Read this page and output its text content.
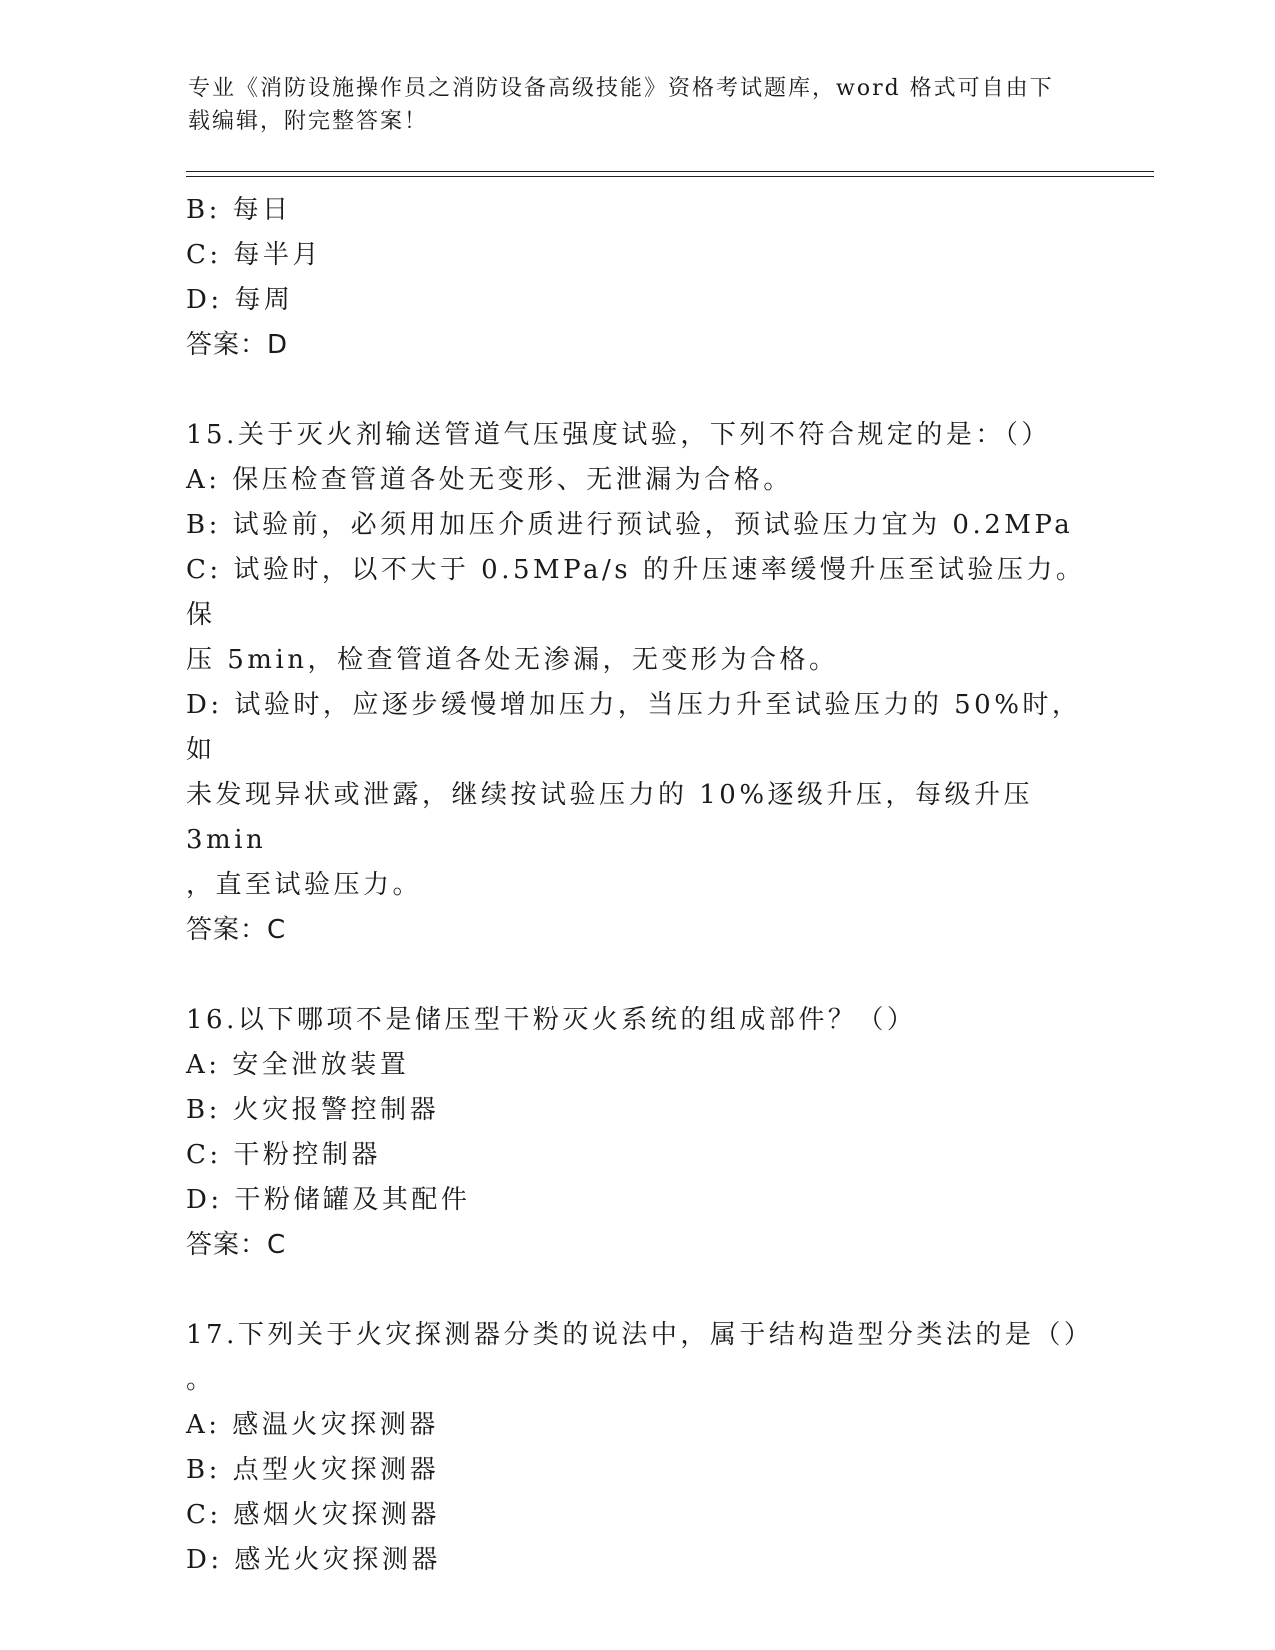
专业《消防设施操作员之消防设备高级技能》资格考试题库，word 格式可自由下
载编辑，附完整答案！
B: 每日
C: 每半月
D: 每周
答案：D
15.关于灭火剂输送管道气压强度试验，下列不符合规定的是：（）
A: 保压检查管道各处无变形、无泄漏为合格。
B: 试验前，必须用加压介质进行预试验，预试验压力宜为 0.2MPa
C: 试验时，以不大于 0.5MPa/s 的升压速率缓慢升压至试验压力。保
压 5min，检查管道各处无渗漏，无变形为合格。
D: 试验时，应逐步缓慢增加压力，当压力升至试验压力的 50%时，如
未发现异状或泄露，继续按试验压力的 10%逐级升压，每级升压 3min
，直至试验压力。
答案：C
16.以下哪项不是储压型干粉灭火系统的组成部件？（）
A: 安全泄放装置
B: 火灾报警控制器
C: 干粉控制器
D: 干粉储罐及其配件
答案：C
17.下列关于火灾探测器分类的说法中，属于结构造型分类法的是（）
。
A: 感温火灾探测器
B: 点型火灾探测器
C: 感烟火灾探测器
D: 感光火灾探测器
